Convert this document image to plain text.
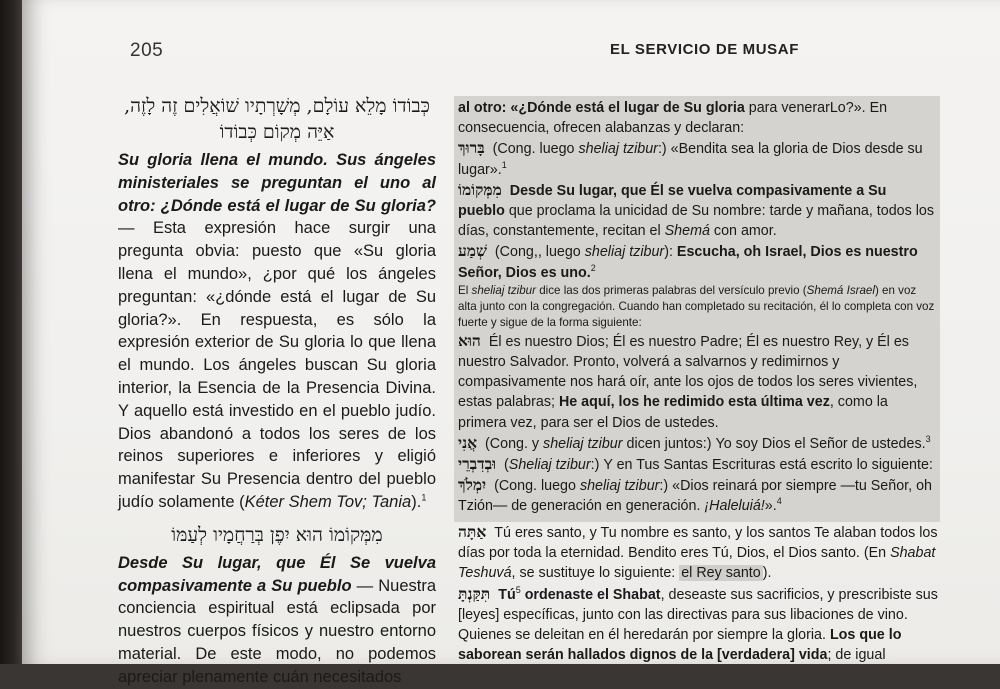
205	EL SERVICIO DE MUSAF
כְּבוֹדוֹ מָלֵא עוֹלָם, מְשָׁרְתָיו שׁוֹאֲלִים זֶה לָזֶה, אַיֵּה מְקוֹם כְּבוֹדוֹ

Su gloria llena el mundo. Sus ángeles ministeriales se preguntan el uno al otro: ¿Dónde está el lugar de Su gloria? — Esta expresión hace surgir una pregunta obvia: puesto que «Su gloria llena el mundo», ¿por qué los ángeles preguntan: «¿dónde está el lugar de Su gloria?». En respuesta, es sólo la expresión exterior de Su gloria lo que llena el mundo. Los ángeles buscan Su gloria interior, la Esencia de la Presencia Divina. Y aquello está investido en el pueblo judío. Dios abandonó a todos los seres de los reinos superiores e inferiores y eligió manifestar Su Presencia dentro del pueblo judío solamente (Kéter Shem Tov; Tania).$^1$

מִמְּקוֹמוֹ הוּא יִפֶן בְּרַחֲמָיו לְעַמּוֹ

Desde Su lugar, que Él Se vuelva compasivamente a Su pueblo — Nuestra conciencia espiritual está eclipsada por nuestros cuerpos físicos y nuestro entorno material. De este modo, no podemos apreciar plenamente cuán necesitados

al otro: «¿Dónde está el lugar de Su gloria para venerarLo?». En consecuencia, ofrecen alabanzas y declaran:

בָּרוּךְ (Cong. luego sheliaj tzibur:) «Bendita sea la gloria de Dios desde su lugar».$^1$

מִמְּקוֹמוֹ Desde Su lugar, que Él se vuelva compasivamente a Su pueblo que proclama la unicidad de Su nombre: tarde y mañana, todos los días, constantemente, recitan el Shemá con amor.

שְׁמַע (Cong,, luego sheliaj tzibur): Escucha, oh Israel, Dios es nuestro Señor, Dios es uno.$^2$

El sheliaj tzibur dice las dos primeras palabras del versículo previo (Shemá Israel) en voz alta junto con la congregación. Cuando han completado su recitación, él lo completa con voz fuerte y sigue de la forma siguiente:

הוּא Él es nuestro Dios; Él es nuestro Padre; Él es nuestro Rey, y Él es nuestro Salvador. Pronto, volverá a salvarnos y redimirnos y compasivamente nos hará oír, ante los ojos de todos los seres vivientes, estas palabras; He aquí, los he redimido esta última vez, como la primera vez, para ser el Dios de ustedes.

אֲנִי (Cong. y sheliaj tzibur dicen juntos:) Yo soy Dios el Señor de ustedes.$^3$

וּבְדִבְרֵי (Sheliaj tzibur:) Y en Tus Santas Escrituras está escrito lo siguiente:

יִמְלֹךְ (Cong. luego sheliaj tzibur:) «Dios reinará por siempre —tu Señor, oh Tzión— de generación en generación. ¡Haleluiá!».$^4$

אַתָּה Tú eres santo, y Tu nombre es santo, y los santos Te alaban todos los días por toda la eternidad. Bendito eres Tú, Dios, el Dios santo. (En Shabat Teshuvá, se sustituye lo siguiente: el Rey santo ).

תִּקַּנְתָּ $Tú^5$ ordenaste el Shabat, deseaste sus sacrificios, y prescribiste sus [leyes] específicas, junto con las directivas para sus libaciones de vino. Quienes se deleitan en él heredarán por siempre la gloria. Los que lo saborean serán hallados dignos de la [verdadera] vida; de igual
